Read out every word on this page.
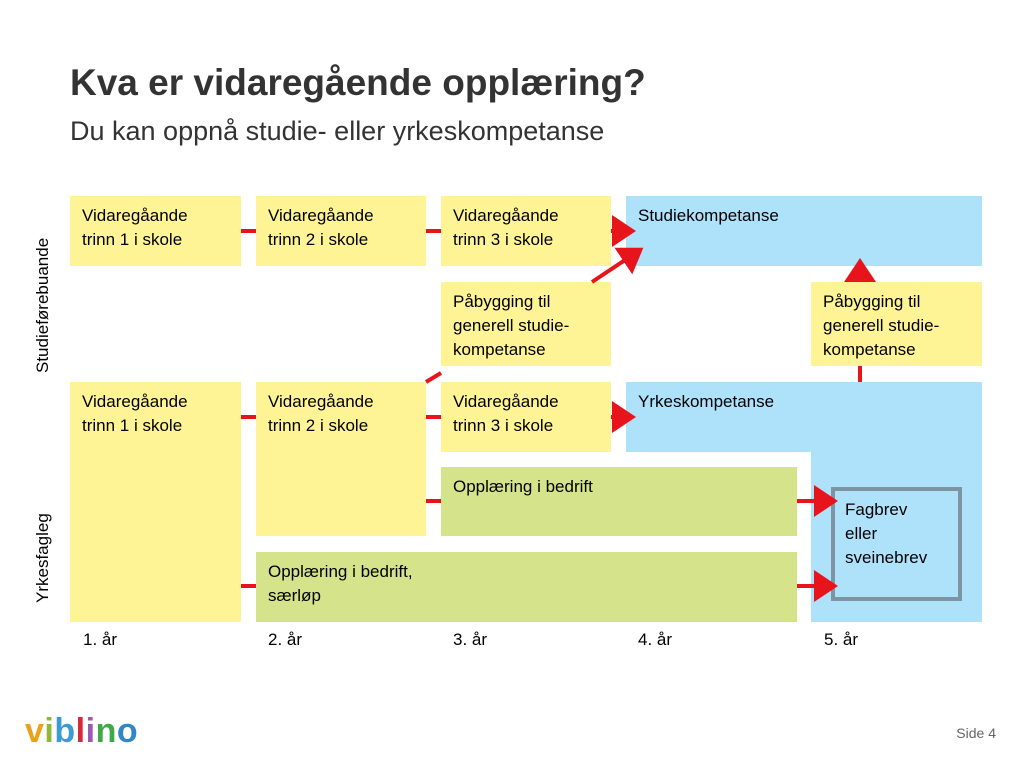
Kva er vidaregående opplæring?
Du kan oppnå studie- eller yrkeskompetanse
Studieførebuande
Yrkesfagleg
Studiekompetanse
Yrkeskompetanse
Vidaregåande
trinn 1 i skole
Vidaregåande
trinn 2 i skole
Vidaregåande
trinn 3 i skole
Påbygging til
generell studie-
kompetanse
Påbygging til
generell studie-
kompetanse
Vidaregåande
trinn 1 i skole
Vidaregåande
trinn 2 i skole
Vidaregåande
trinn 3 i skole
Opplæring i bedrift
Opplæring i bedrift,
særløp
Fagbrev
eller
sveinebrev
1. år	2. år	3. år	4. år	5. år
viblino	Side 4
